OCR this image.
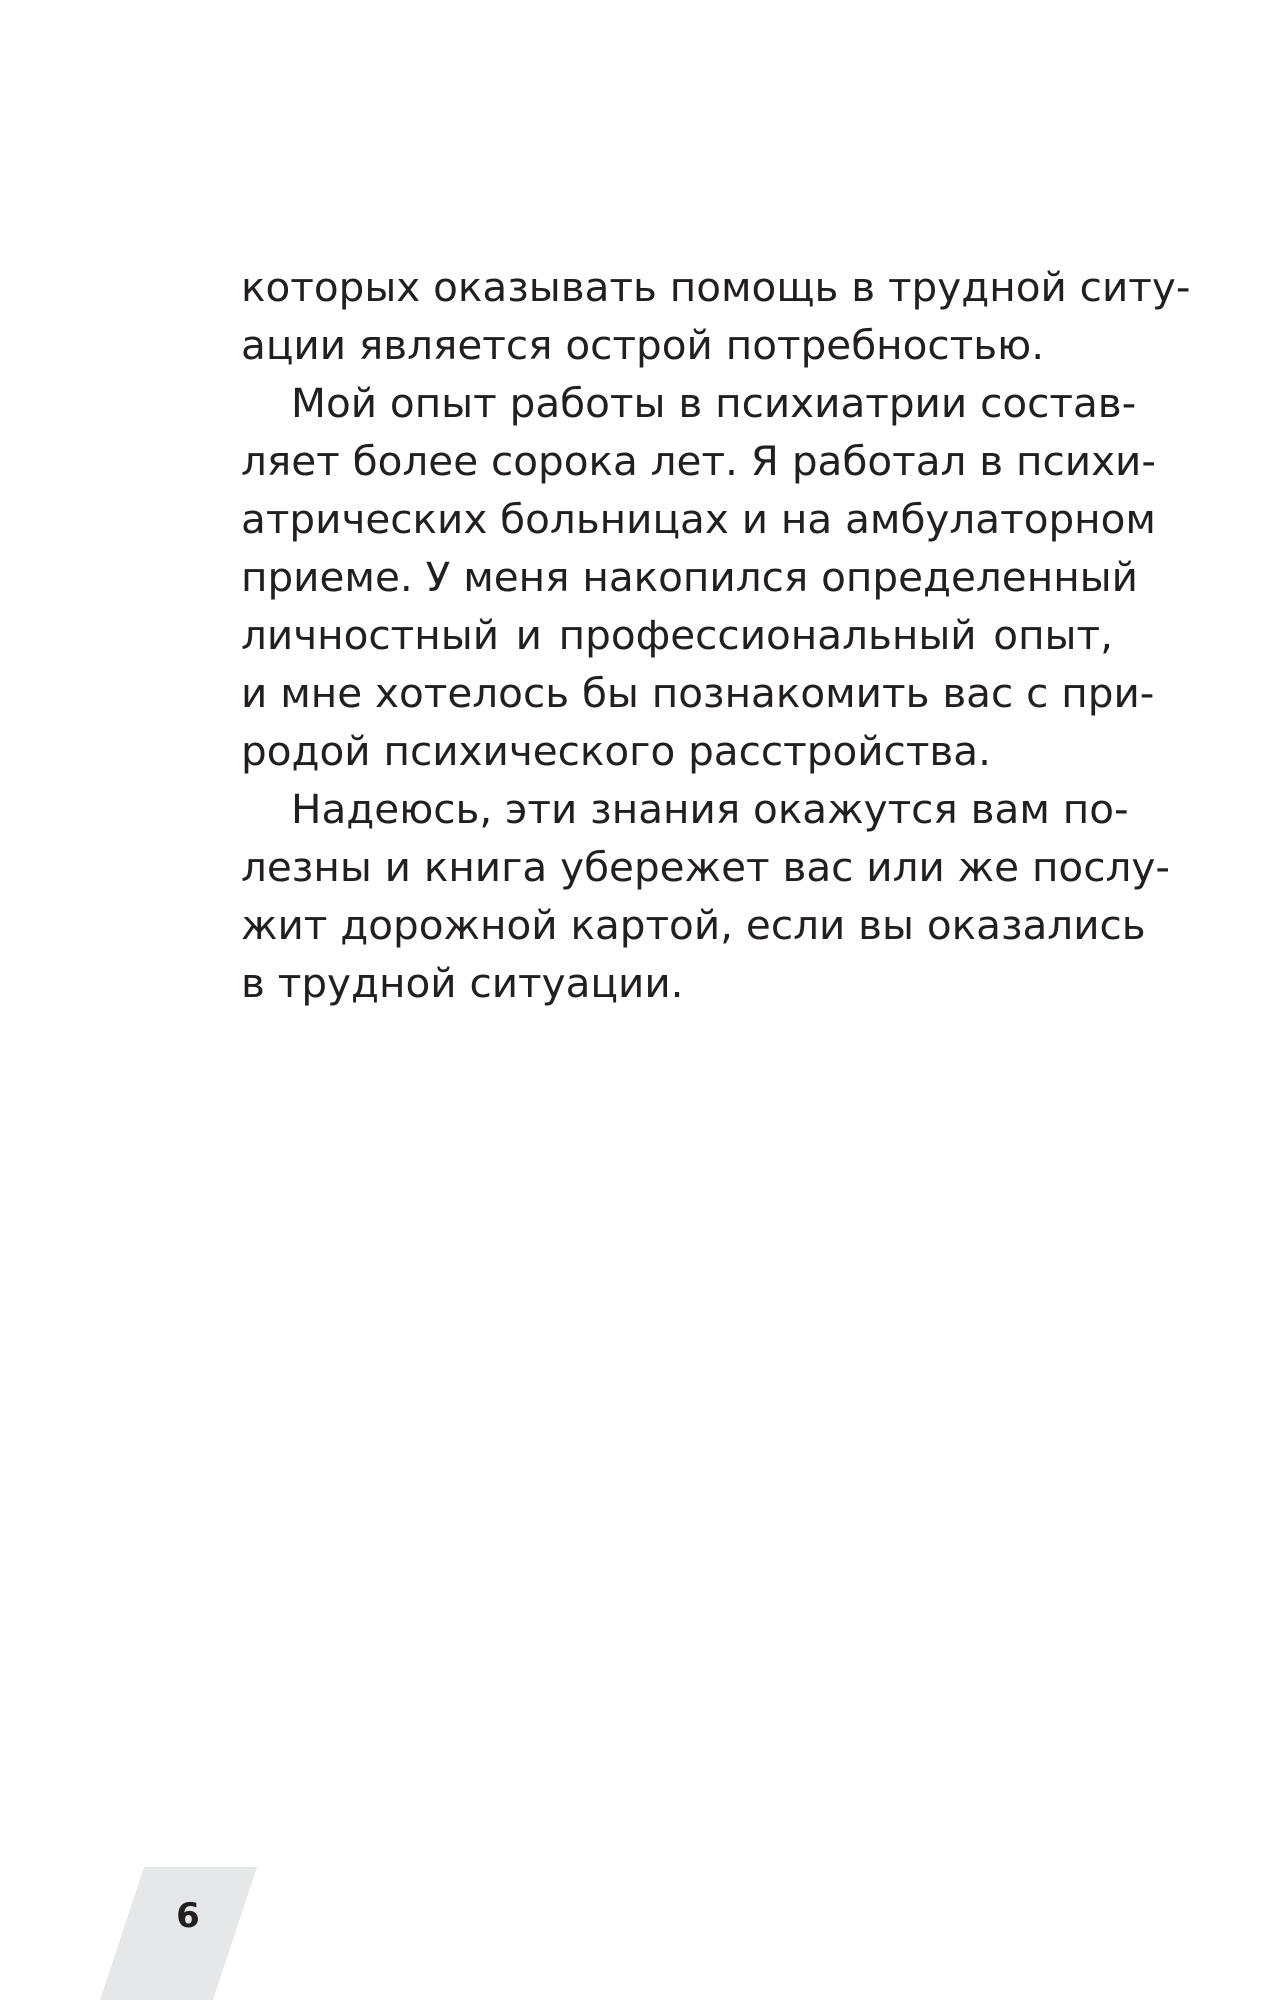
которых оказывать помощь в трудной ситу-
ации является острой потребностью.
Мой опыт работы в психиатрии состав-
ляет более сорока лет. Я работал в психи-
атрических больницах и на амбулаторном
приеме. У меня накопился определенный
личностный и профессиональный опыт,
и мне хотелось бы познакомить вас с при-
родой психического расстройства.
Надеюсь, эти знания окажутся вам по-
лезны и книга убережет вас или же послу-
жит дорожной картой, если вы оказались
в трудной ситуации.
6
